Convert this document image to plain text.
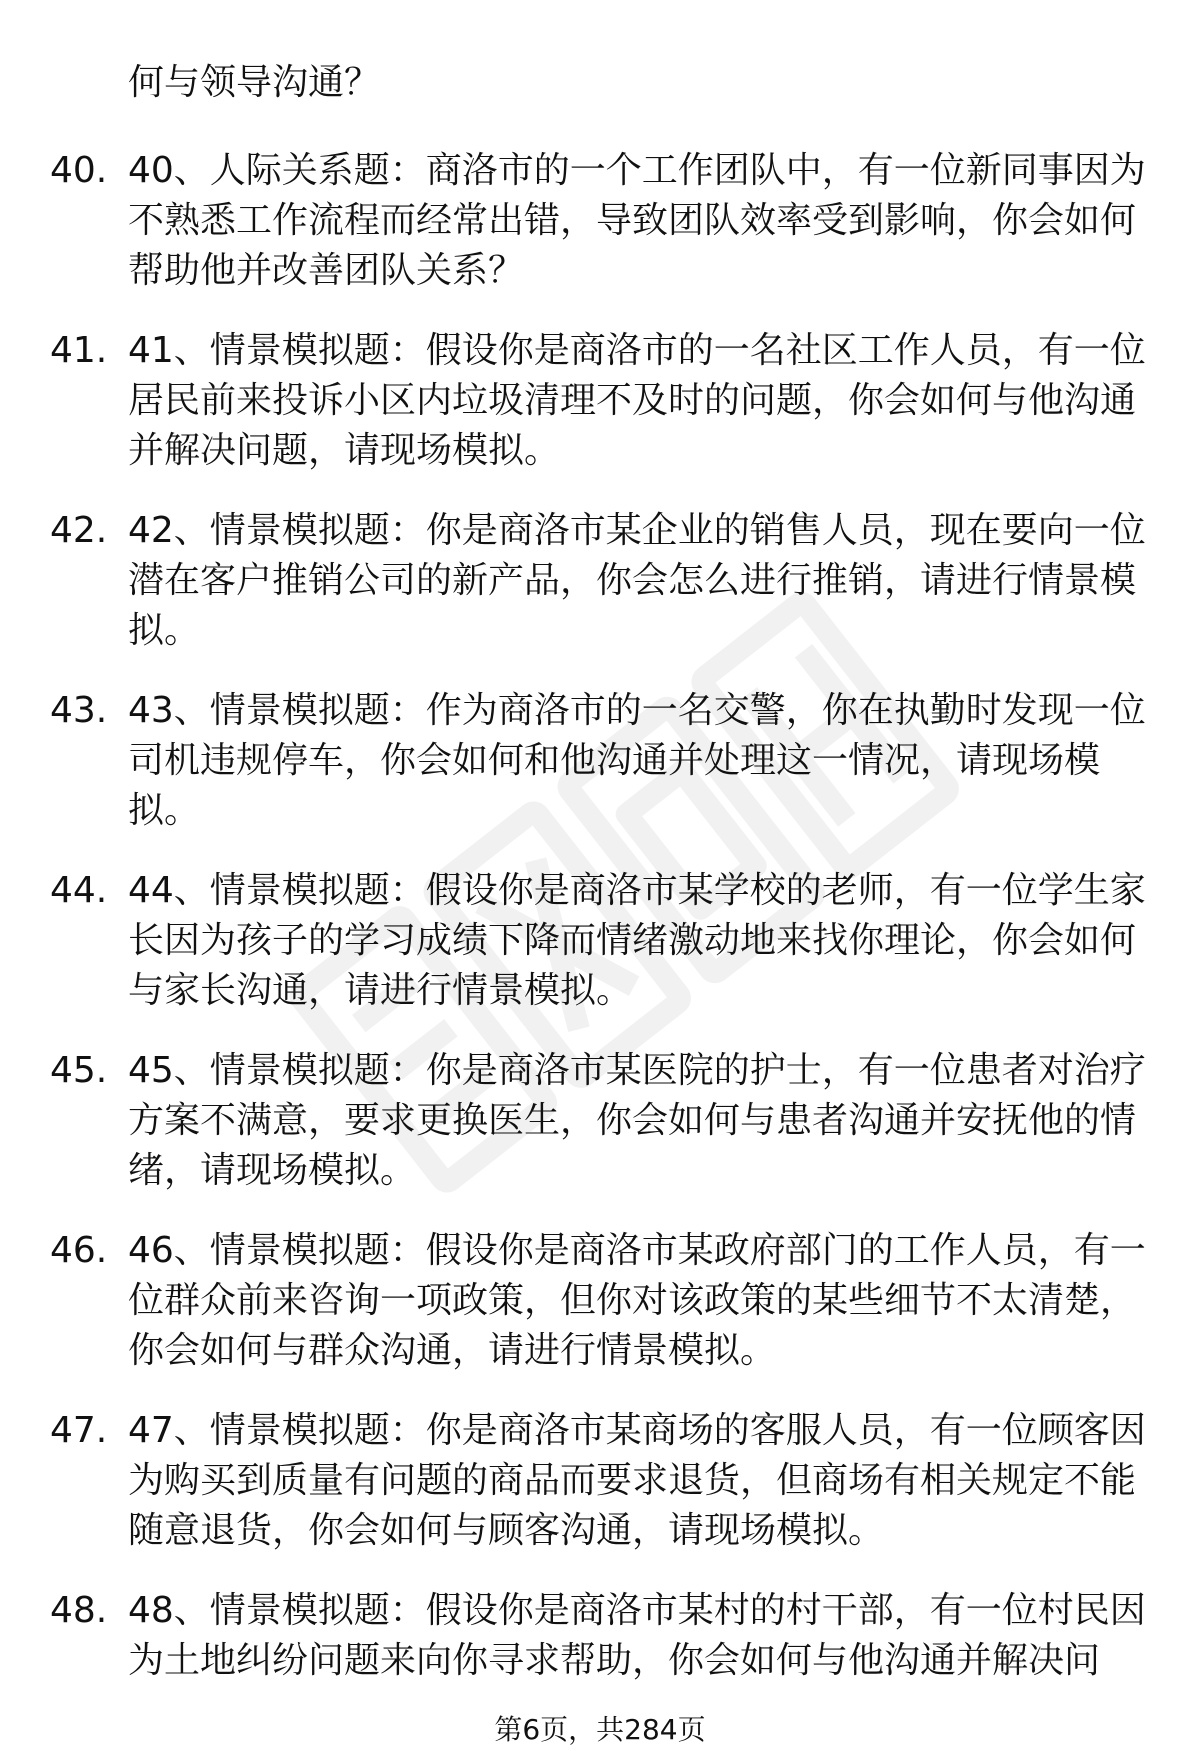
何与领导沟通？

40. 40、人际关系题：商洛市的一个工作团队中，有一位新同事因为不熟悉工作流程而经常出错，导致团队效率受到影响，你会如何帮助他并改善团队关系？
41. 41、情景模拟题：假设你是商洛市的一名社区工作人员，有一位居民前来投诉小区内垃圾清理不及时的问题，你会如何与他沟通并解决问题，请现场模拟。
42. 42、情景模拟题：你是商洛市某企业的销售人员，现在要向一位潜在客户推销公司的新产品，你会怎么进行推销，请进行情景模拟。
43. 43、情景模拟题：作为商洛市的一名交警，你在执勤时发现一位司机违规停车，你会如何和他沟通并处理这一情况，请现场模拟。
44. 44、情景模拟题：假设你是商洛市某学校的老师，有一位学生家长因为孩子的学习成绩下降而情绪激动地来找你理论，你会如何与家长沟通，请进行情景模拟。
45. 45、情景模拟题：你是商洛市某医院的护士，有一位患者对治疗方案不满意，要求更换医生，你会如何与患者沟通并安抚他的情绪，请现场模拟。
46. 46、情景模拟题：假设你是商洛市某政府部门的工作人员，有一位群众前来咨询一项政策，但你对该政策的某些细节不太清楚，你会如何与群众沟通，请进行情景模拟。
47. 47、情景模拟题：你是商洛市某商场的客服人员，有一位顾客因为购买到质量有问题的商品而要求退货，但商场有相关规定不能随意退货，你会如何与顾客沟通，请现场模拟。
48. 48、情景模拟题：假设你是商洛市某村的村干部，有一位村民因为土地纠纷问题来向你寻求帮助，你会如何与他沟通并解决问
第6页，共284页
